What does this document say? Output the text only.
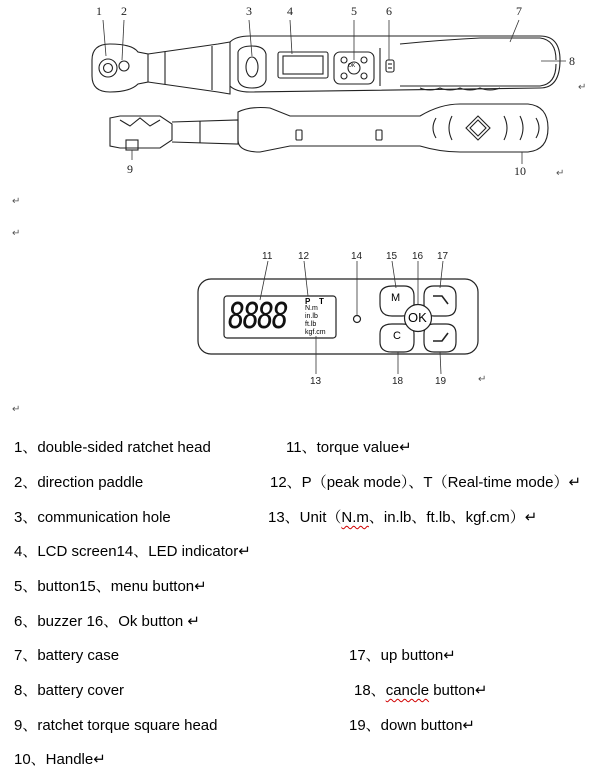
1 2	3	4	5 6	7
8
↵
9	10	↵
↵
↵
11	12	14 15 16 17
13	18	19	↵
↵
8888 P T
N.m
in.lb
ft.lb
kgf.cm
M
OK
C
OK
1、double-sided ratchet head	11、torque value↵
2、direction paddle	12、P（peak mode）、T（Real-time mode）↵
3、communication hole	13、Unit（N.m、in.lb、ft.lb、kgf.cm）↵
4、LCD screen14、LED indicator↵
5、button15、menu button↵
6、buzzer 16、Ok button ↵
7、battery case	17、up button↵
8、battery cover	18、cancle button↵
9、ratchet torque square head	19、down button↵
10、Handle↵
